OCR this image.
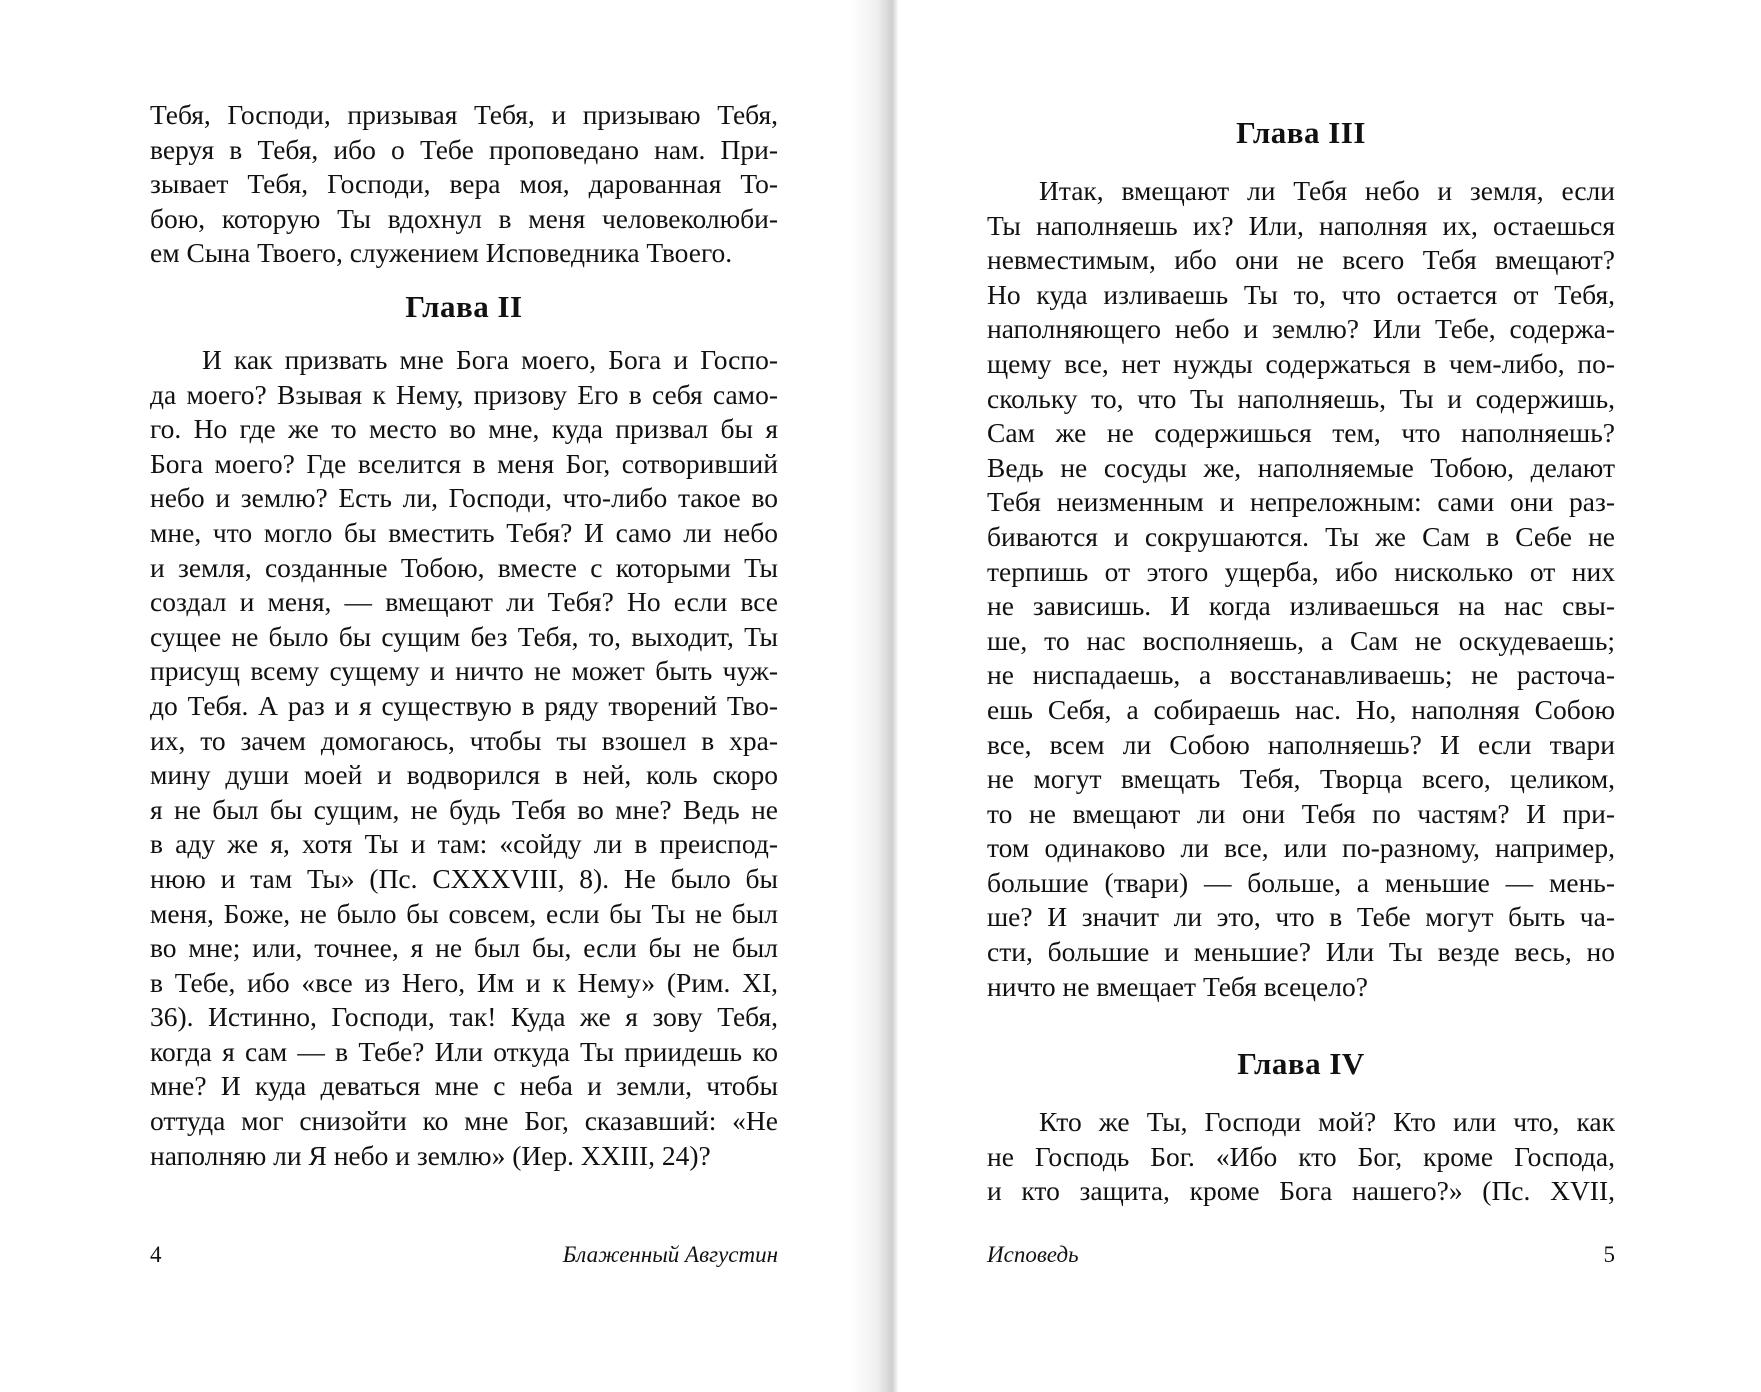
Тебя, Господи, призывая Тебя, и призываю Тебя,
веруя в Тебя, ибо о Тебе проповедано нам. При-
зывает Тебя, Господи, вера моя, дарованная То-
бою, которую Ты вдохнул в меня человеколюби-
ем Сына Твоего, служением Исповедника Твоего.
Глава II
И как призвать мне Бога моего, Бога и Госпо-
да моего? Взывая к Нему, призову Его в себя само-
го. Но где же то место во мне, куда призвал бы я
Бога моего? Где вселится в меня Бог, сотворивший
небо и землю? Есть ли, Господи, что-либо такое во
мне, что могло бы вместить Тебя? И само ли небо
и земля, созданные Тобою, вместе с которыми Ты
создал и меня, — вмещают ли Тебя? Но если все
сущее не было бы сущим без Тебя, то, выходит, Ты
присущ всему сущему и ничто не может быть чуж-
до Тебя. А раз и я существую в ряду творений Тво-
их, то зачем домогаюсь, чтобы ты взошел в хра-
мину души моей и водворился в ней, коль скоро
я не был бы сущим, не будь Тебя во мне? Ведь не
в аду же я, хотя Ты и там: «сойду ли в преиспод-
нюю и там Ты» (Пс. CXXXVIII, 8). Не было бы
меня, Боже, не было бы совсем, если бы Ты не был
во мне; или, точнее, я не был бы, если бы не был
в Тебе, ибо «все из Него, Им и к Нему» (Рим. XI,
36). Истинно, Господи, так! Куда же я зову Тебя,
когда я сам — в Тебе? Или откуда Ты приидешь ко
мне? И куда деваться мне с неба и земли, чтобы
оттуда мог снизойти ко мне Бог, сказавший: «Не
наполняю ли Я небо и землю» (Иер. XXIII, 24)?
4	Блаженный Августин
Глава III
Итак, вмещают ли Тебя небо и земля, если
Ты наполняешь их? Или, наполняя их, остаешься
невместимым, ибо они не всего Тебя вмещают?
Но куда изливаешь Ты то, что остается от Тебя,
наполняющего небо и землю? Или Тебе, содержа-
щему все, нет нужды содержаться в чем-либо, по-
скольку то, что Ты наполняешь, Ты и содержишь,
Сам же не содержишься тем, что наполняешь?
Ведь не сосуды же, наполняемые Тобою, делают
Тебя неизменным и непреложным: сами они раз-
биваются и сокрушаются. Ты же Сам в Себе не
терпишь от этого ущерба, ибо нисколько от них
не зависишь. И когда изливаешься на нас свы-
ше, то нас восполняешь, а Сам не оскудеваешь;
не ниспадаешь, а восстанавливаешь; не расточа-
ешь Себя, а собираешь нас. Но, наполняя Собою
все, всем ли Собою наполняешь? И если твари
не могут вмещать Тебя, Творца всего, целиком,
то не вмещают ли они Тебя по частям? И при-
том одинаково ли все, или по-разному, например,
большие (твари) — больше, а меньшие — мень-
ше? И значит ли это, что в Тебе могут быть ча-
сти, большие и меньшие? Или Ты везде весь, но
ничто не вмещает Тебя всецело?
Глава IV
Кто же Ты, Господи мой? Кто или что, как
не Господь Бог. «Ибо кто Бог, кроме Господа,
и кто защита, кроме Бога нашего?» (Пс. XVII,
Исповедь	5
